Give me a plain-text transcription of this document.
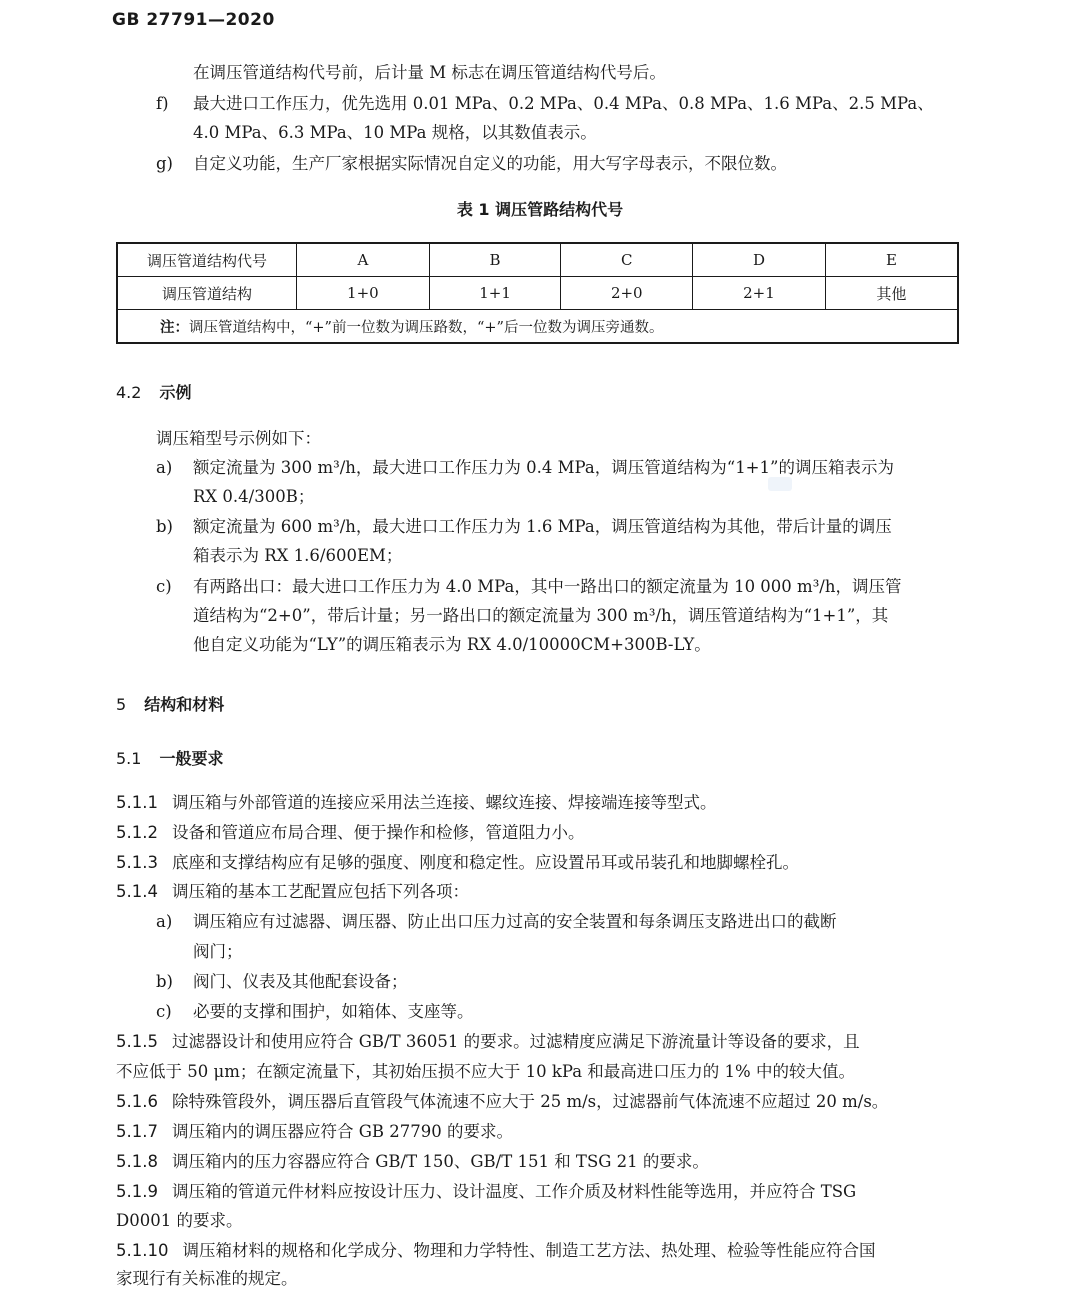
GB 27791—2020
在调压管道结构代号前，后计量 M 标志在调压管道结构代号后。
f) 最大进口工作压力，优先选用 0.01 MPa、0.2 MPa、0.4 MPa、0.8 MPa、1.6 MPa、2.5 MPa、
4.0 MPa、6.3 MPa、10 MPa 规格，以其数值表示。
g) 自定义功能，生产厂家根据实际情况自定义的功能，用大写字母表示，不限位数。
表 1 调压管路结构代号
调压管道结构代号	A	B	C	D	E
调压管道结构	1+0	1+1	2+0	2+1	其他
注：调压管道结构中，“+”前一位数为调压路数，“+”后一位数为调压旁通数。					
4.2 示例
调压箱型号示例如下：
a) 额定流量为 300 m³/h，最大进口工作压力为 0.4 MPa，调压管道结构为“1+1”的调压箱表示为
RX 0.4/300B；
b) 额定流量为 600 m³/h，最大进口工作压力为 1.6 MPa，调压管道结构为其他，带后计量的调压
箱表示为 RX 1.6/600EM；
c) 有两路出口：最大进口工作压力为 4.0 MPa，其中一路出口的额定流量为 10 000 m³/h，调压管
道结构为“2+0”，带后计量；另一路出口的额定流量为 300 m³/h，调压管道结构为“1+1”，其
他自定义功能为“LY”的调压箱表示为 RX 4.0/10000CM+300B-LY。
5 结构和材料
5.1 一般要求
5.1.1 调压箱与外部管道的连接应采用法兰连接、螺纹连接、焊接端连接等型式。
5.1.2 设备和管道应布局合理、便于操作和检修，管道阻力小。
5.1.3 底座和支撑结构应有足够的强度、刚度和稳定性。应设置吊耳或吊装孔和地脚螺栓孔。
5.1.4 调压箱的基本工艺配置应包括下列各项：
a) 调压箱应有过滤器、调压器、防止出口压力过高的安全装置和每条调压支路进出口的截断
阀门；
b) 阀门、仪表及其他配套设备；
c) 必要的支撑和围护，如箱体、支座等。
5.1.5 过滤器设计和使用应符合 GB/T 36051 的要求。过滤精度应满足下游流量计等设备的要求，且
不应低于 50 μm；在额定流量下，其初始压损不应大于 10 kPa 和最高进口压力的 1% 中的较大值。
5.1.6 除特殊管段外，调压器后直管段气体流速不应大于 25 m/s，过滤器前气体流速不应超过 20 m/s。
5.1.7 调压箱内的调压器应符合 GB 27790 的要求。
5.1.8 调压箱内的压力容器应符合 GB/T 150、GB/T 151 和 TSG 21 的要求。
5.1.9 调压箱的管道元件材料应按设计压力、设计温度、工作介质及材料性能等选用，并应符合 TSG
D0001 的要求。
5.1.10 调压箱材料的规格和化学成分、物理和力学特性、制造工艺方法、热处理、检验等性能应符合国
家现行有关标准的规定。
